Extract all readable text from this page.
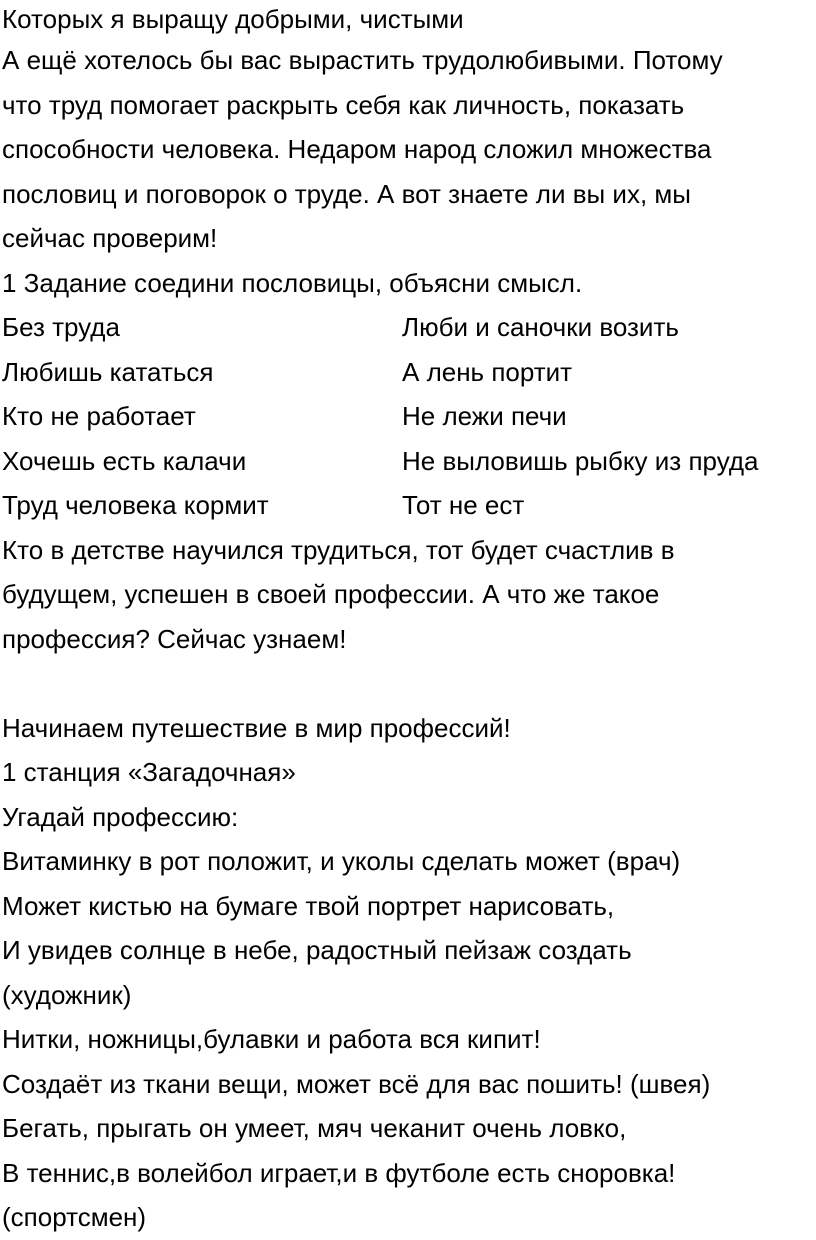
Которых я выращу добрыми, чистыми
А ещё хотелось бы вас вырастить трудолюбивыми. Потому
что труд помогает раскрыть себя как личность, показать
способности человека. Недаром народ сложил множества
пословиц и поговорок о труде. А вот знаете ли вы их, мы
сейчас проверим!
1 Задание соедини пословицы, объясни смысл.
Без труда	Люби и саночки возить
Любишь кататься	А лень портит
Кто не работает	Не лежи печи
Хочешь есть калачи	Не выловишь рыбку из пруда
Труд человека кормит	Тот не ест
Кто в детстве научился трудиться, тот будет счастлив в
будущем, успешен в своей профессии. А что же такое
профессия? Сейчас узнаем!
Начинаем путешествие в мир профессий!
1 станция «Загадочная»
Угадай профессию:
Витаминку в рот положит, и уколы сделать может (врач)
Может кистью на бумаге твой портрет нарисовать,
И увидев солнце в небе, радостный пейзаж создать
(художник)
Нитки, ножницы,булавки и работа вся кипит!
Создаёт из ткани вещи, может всё для вас пошить! (швея)
Бегать, прыгать он умеет, мяч чеканит очень ловко,
В теннис,в волейбол играет,и в футболе есть сноровка!
(спортсмен)
